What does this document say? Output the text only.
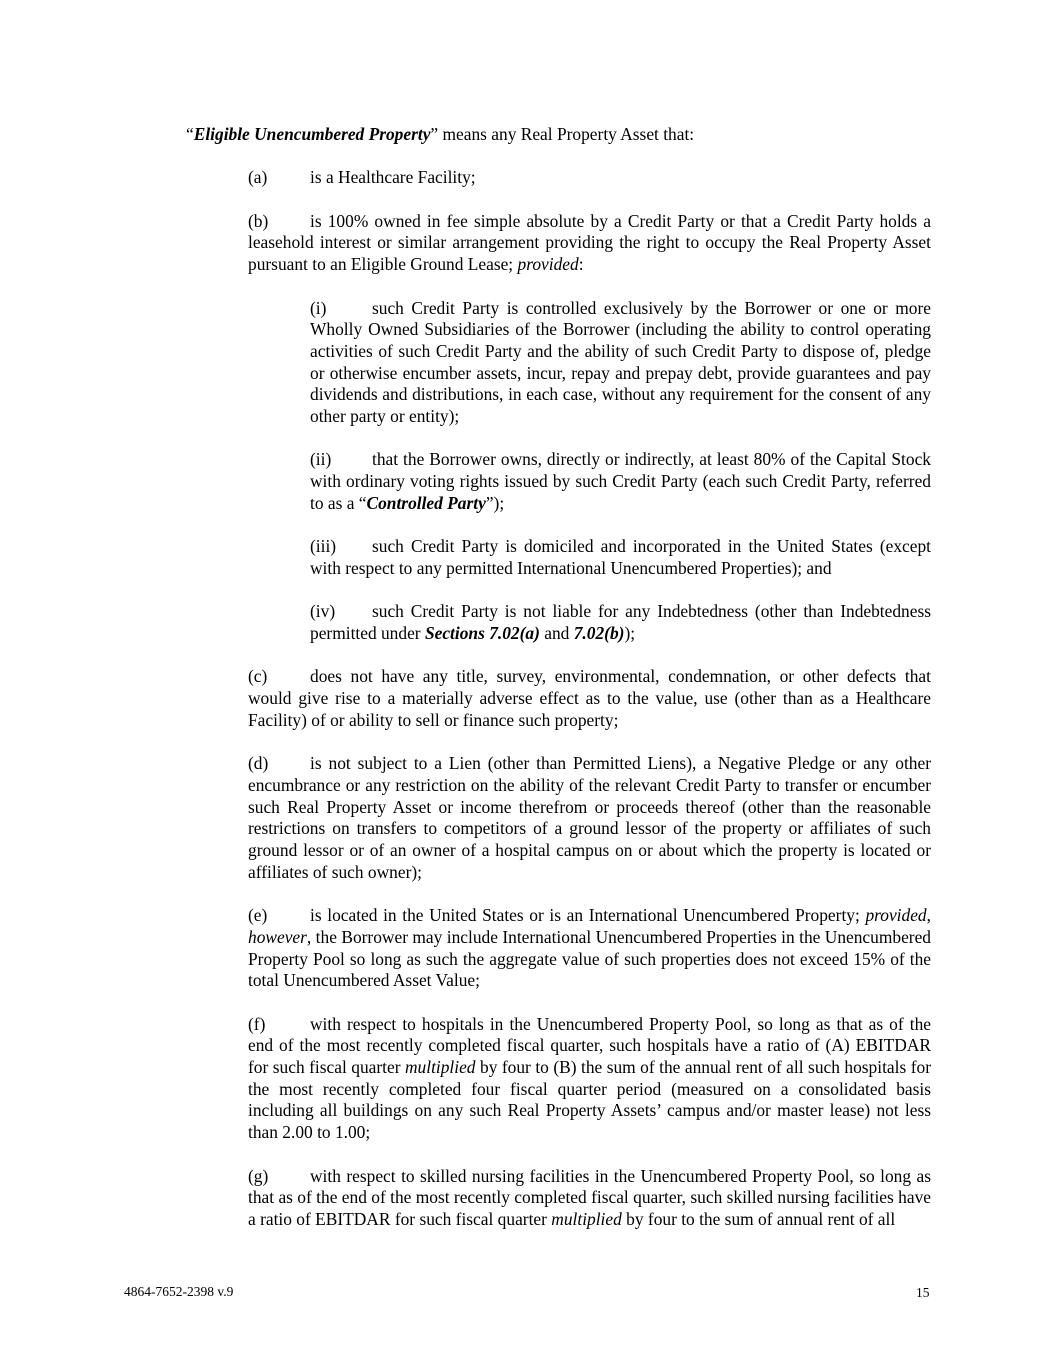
“Eligible Unencumbered Property” means any Real Property Asset that:

(a) is a Healthcare Facility;

(b) is 100% owned in fee simple absolute by a Credit Party or that a Credit Party holds a leasehold interest or similar arrangement providing the right to occupy the Real Property Asset pursuant to an Eligible Ground Lease; provided:

(i)	such Credit Party is controlled exclusively by the Borrower or one or more Wholly Owned Subsidiaries of the Borrower (including the ability to control operating activities of such Credit Party and the ability of such Credit Party to dispose of, pledge or otherwise encumber assets, incur, repay and prepay debt, provide guarantees and pay dividends and distributions, in each case, without any requirement for the consent of any other party or entity);

(ii) that the Borrower owns, directly or indirectly, at least 80% of the Capital Stock with ordinary voting rights issued by such Credit Party (each such Credit Party, referred to as a “Controlled Party”);

(iii) such Credit Party is domiciled and incorporated in the United States (except with respect to any permitted International Unencumbered Properties); and

(iv) such Credit Party is not liable for any Indebtedness (other than Indebtedness permitted under Sections 7.02(a) and 7.02(b));

(c) does not have any title, survey, environmental, condemnation, or other defects that would give rise to a materially adverse effect as to the value, use (other than as a Healthcare Facility) of or ability to sell or finance such property;

(d) is not subject to a Lien (other than Permitted Liens), a Negative Pledge or any other encumbrance or any restriction on the ability of the relevant Credit Party to transfer or encumber such Real Property Asset or income therefrom or proceeds thereof (other than the reasonable restrictions on transfers to competitors of a ground lessor of the property or affiliates of such ground lessor or of an owner of a hospital campus on or about which the property is located or affiliates of such owner);

(e) is located in the United States or is an International Unencumbered Property; provided, however, the Borrower may include International Unencumbered Properties in the Unencumbered Property Pool so long as such the aggregate value of such properties does not exceed 15% of the total Unencumbered Asset Value;

(f)	with respect to hospitals in the Unencumbered Property Pool, so long as that as of the end of the most recently completed fiscal quarter, such hospitals have a ratio of (A) EBITDAR for such fiscal quarter multiplied by four to (B) the sum of the annual rent of all such hospitals for the most recently completed four fiscal quarter period (measured on a consolidated basis including all buildings on any such Real Property Assets’ campus and/or master lease) not less than 2.00 to 1.00;

(g) with respect to skilled nursing facilities in the Unencumbered Property Pool, so long as that as of the end of the most recently completed fiscal quarter, such skilled nursing facilities have a ratio of EBITDAR for such fiscal quarter multiplied by four to the sum of annual rent of all

4864-7652-2398 v.9	15
